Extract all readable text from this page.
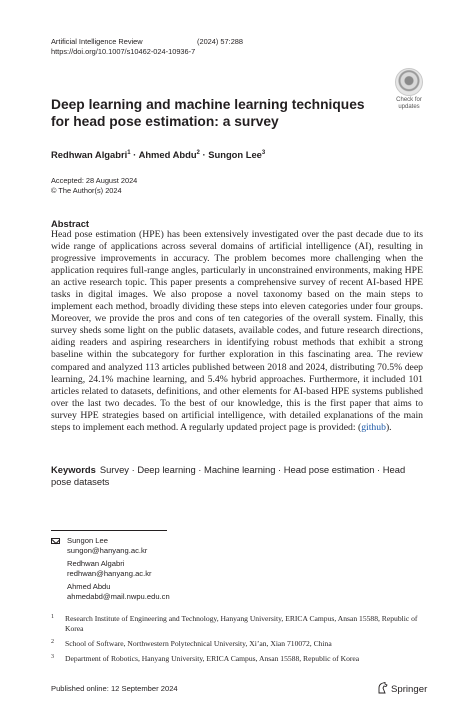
Artificial Intelligence Review	(2024) 57:288
https://doi.org/10.1007/s10462-024-10936-7
Check for
updates
Deep learning and machine learning techniques for head pose estimation: a survey
Redhwan Algabri$^1$ · Ahmed Abdu$^2$ · Sungon Lee$^3$
Accepted: 28 August 2024
© The Author(s) 2024
Abstract
Head pose estimation (HPE) has been extensively investigated over the past decade due to its wide range of applications across several domains of artificial intelligence (AI), resulting in progressive improvements in accuracy. The problem becomes more challenging when the application requires full-range angles, particularly in unconstrained environments, making HPE an active research topic. This paper presents a comprehensive survey of recent AI-based HPE tasks in digital images. We also propose a novel taxonomy based on the main steps to implement each method, broadly dividing these steps into eleven categories under four groups. Moreover, we provide the pros and cons of ten categories of the overall system. Finally, this survey sheds some light on the public datasets, available codes, and future research directions, aiding readers and aspiring researchers in identifying robust methods that exhibit a strong baseline within the subcategory for further exploration in this fascinating area. The review compared and analyzed 113 articles published between 2018 and 2024, distributing 70.5% deep learning, 24.1% machine learning, and 5.4% hybrid approaches. Furthermore, it included 101 articles related to datasets, definitions, and other elements for AI-based HPE systems published over the last two decades. To the best of our knowledge, this is the first paper that aims to survey HPE strategies based on artificial intelligence, with detailed explanations of the main steps to implement each method. A regularly updated project page is provided: (github).
Keywords Survey · Deep learning · Machine learning · Head pose estimation · Head pose datasets
Sungon Lee
sungon@hanyang.ac.kr
Redhwan Algabri
redhwan@hanyang.ac.kr
Ahmed Abdu
ahmedabd@mail.nwpu.edu.cn
1 Research Institute of Engineering and Technology, Hanyang University, ERICA Campus, Ansan 15588, Republic of Korea
2 School of Software, Northwestern Polytechnical University, Xi’an, Xian 710072, China
3 Department of Robotics, Hanyang University, ERICA Campus, Ansan 15588, Republic of Korea
Published online: 12 September 2024	Springer
